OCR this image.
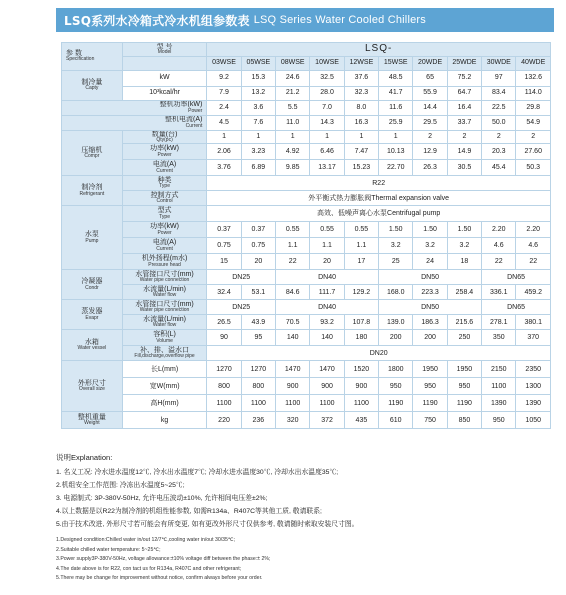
LSQ系列水冷箱式冷水机组参数表 LSQ Series Water Cooled Chillers
参 数
Specification	型 号
Model	LSQ-									
		03WSE	05WSE	08WSE	10WSE	12WSE	15WSE	20WDE	25WDE	30WDE	40WDE

制冷量
Capty	kW	9.2	15.3	24.6	32.5	37.6	48.5	65	75.2	97	132.6
	10³kcal/hr	7.9	13.2	21.2	28.0	32.3	41.7	55.9	64.7	83.4	114.0

整机功率(kW)
Power		2.4	3.6	5.5	7.0	8.0	11.6	14.4	16.4	22.5	29.8

整机电流(A)
Current		4.5	7.6	11.0	14.3	16.3	25.9	29.5	33.7	50.0	54.9

压缩机
Compr	数量(台)
Qty(pc)	1	1	1	1	1	1	2	2	2	2

	功率(kW)
Power	2.06	3.23	4.92	6.46	7.47	10.13	12.9	14.9	20.3	27.60

	电流(A)
Current	3.76	6.89	9.85	13.17	15.23	22.70	26.3	30.5	45.4	50.3

制冷剂
Refrigerant	种类
Type	R22									

	控制方式
Control	外平衡式热力膨胀阀Thermal expansion valve									

水泵
Pump	型式
Type	高效、低噪声离心水泵Centrifugal pump									

	功率(kW)
Power	0.37	0.37	0.55	0.55	0.55	1.50	1.50	1.50	2.20	2.20

	电流(A)
Current	0.75	0.75	1.1	1.1	1.1	3.2	3.2	3.2	4.6	4.6

	机外扬程(m水)
Pressure head	15	20	22	20	17	25	24	18	22	22

冷凝器
Condr	水管接口尺寸(mm)
Water pipe connection	DN25		DN40			DN50			DN65	

	水流量(L/min)
Water flow	32.4	53.1	84.6	111.7	129.2	168.0	223.3	258.4	336.1	459.2

蒸发器
Evapr	水管接口尺寸(mm)
Water pipe connection	DN25		DN40			DN50			DN65	

	水流量(L/min)
Water flow	26.5	43.9	70.5	93.2	107.8	139.0	186.3	215.6	278.1	380.1

水箱
Water vessel	容积(L)
Volume	90	95	140	140	180	200	200	250	350	370

	补、排、溢水口
Fill,discharge,overflow pipe	DN20									

外形尺寸
Overall size	长L(mm)	1270	1270	1470	1470	1520	1800	1950	1950	2150	2350
	宽W(mm)	800	800	900	900	900	950	950	950	1100	1300
	高H(mm)	1100	1100	1100	1100	1100	1190	1190	1190	1390	1390

整机重量
Weight	kg	220	236	320	372	435	610	750	850	950	1050
说明Explanation:
1. 名义工况: 冷水进水温度12℃, 冷水出水温度7℃; 冷却水进水温度30℃, 冷却水出水温度35℃;
2.机组安全工作范围: 冷冻出水温度5~25℃;
3. 电源制式: 3P-380V-50Hz, 允许电压波动±10%, 允许相间电压差±2%;
4.以上数据是以R22为制冷剂的机组性能参数, 如需R134a、R407C等其他工质, 敬请联系;
5.由于技术改进, 外形尺寸若可能会有所变更, 如有更改外形尺寸仅供参考, 敬请随时索取安装尺寸图。
1.Designed condition:Chilled water in/out 12/7℃,cooling water in/out 30/35℃;
2.Suitable chilled water temperature: 5~25℃;
3.Power supply3P-380V-50Hz, voltage allowance:±10% voltage diff between the phase:± 2%;
4.The date above is for R22, con tact us for R134a, R407C and other refrigerant;
5.There may be change for improvement without notice, confirm always before your order.
